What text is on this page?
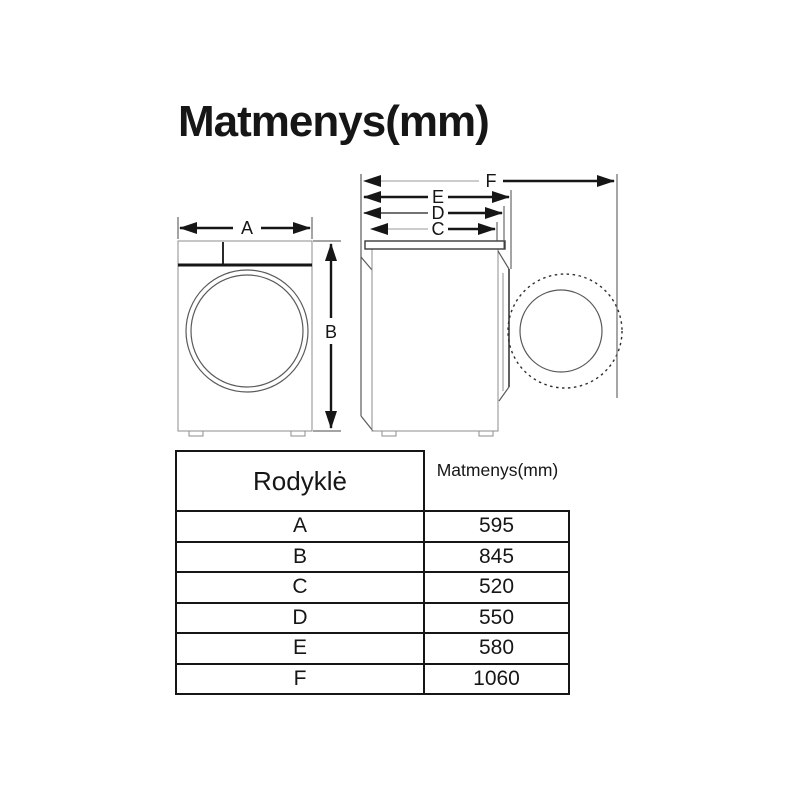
Matmenys(mm)
A
B
F
E
D
C
Rodyklė	Matmenys(mm)
A	595
B	845
C	520
D	550
E	580
F	1060
